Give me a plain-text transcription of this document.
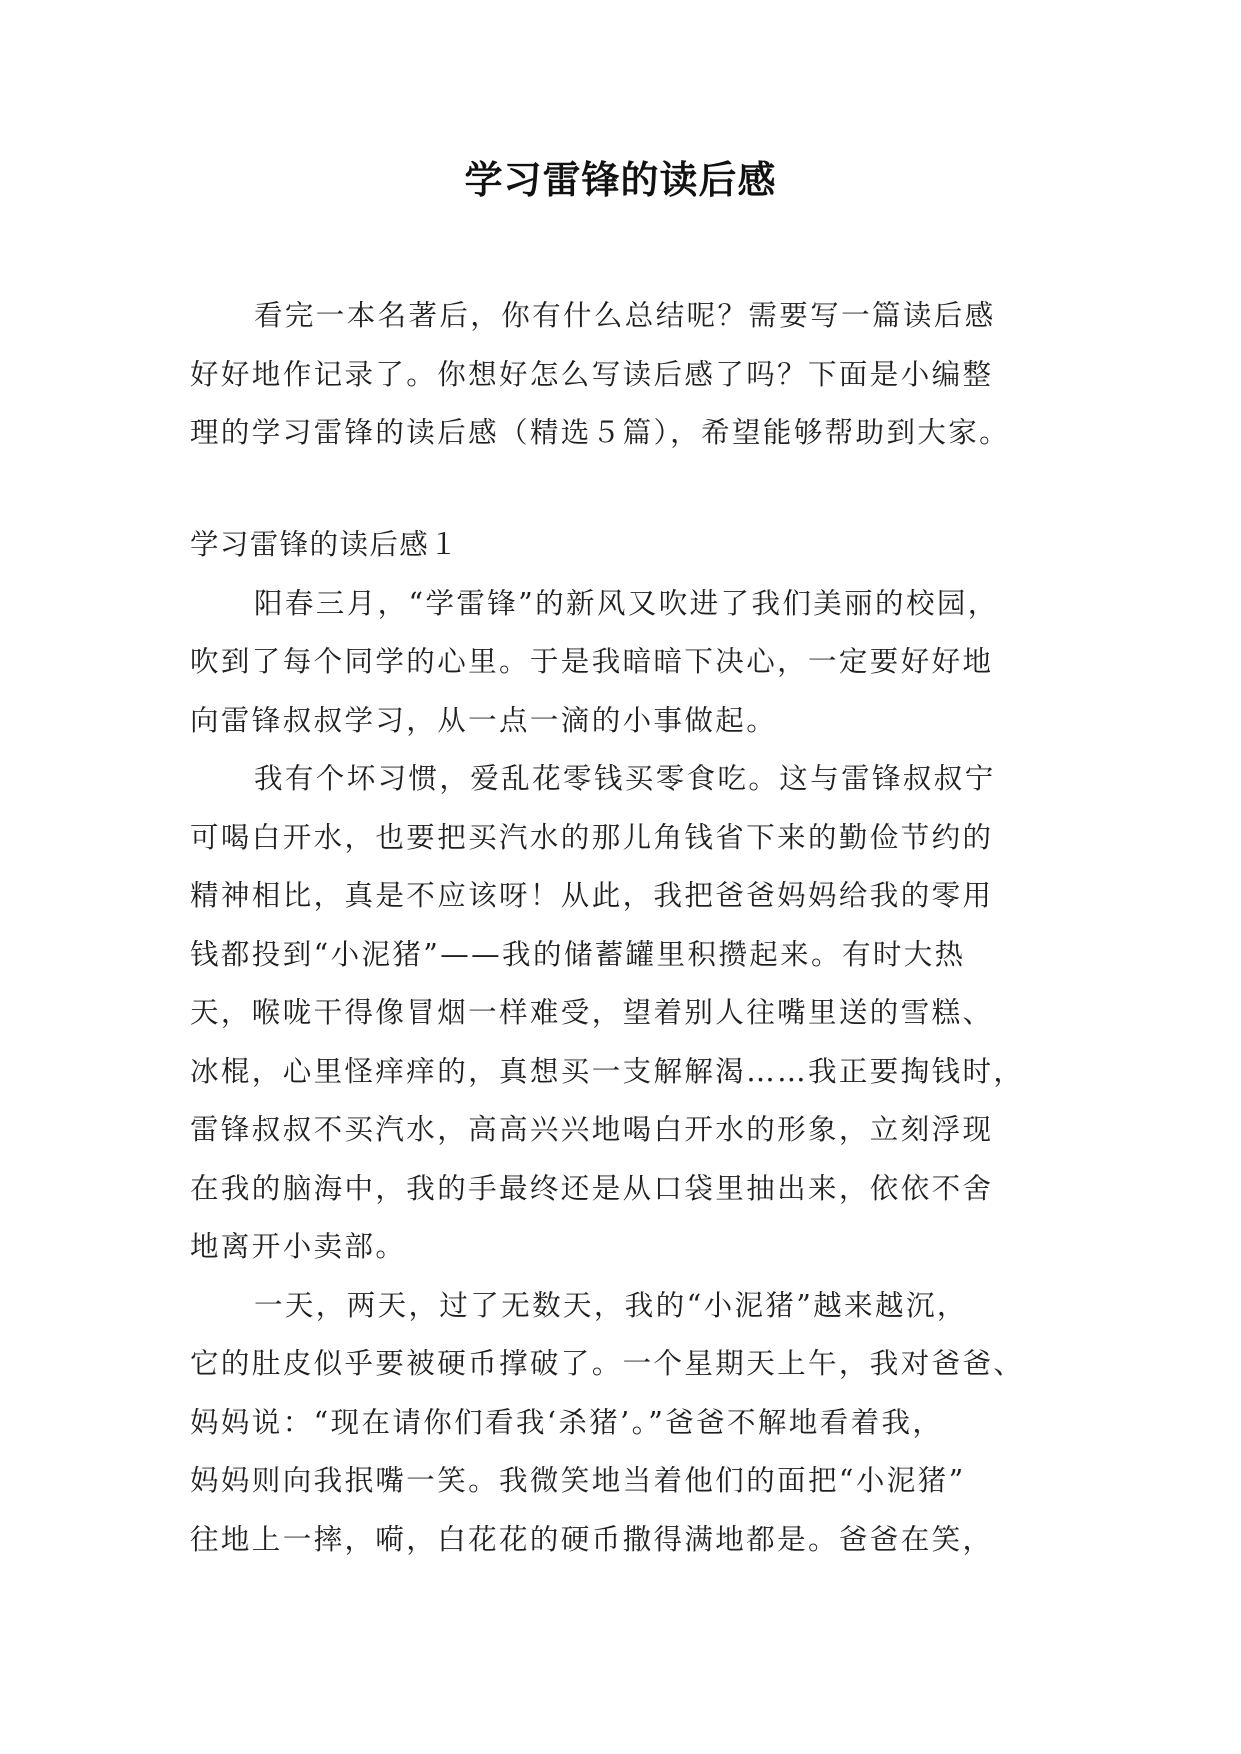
学习雷锋的读后感
看完一本名著后，你有什么总结呢？需要写一篇读后感
好好地作记录了。你想好怎么写读后感了吗？下面是小编整
理的学习雷锋的读后感（精选５篇），希望能够帮助到大家。
学习雷锋的读后感１
阳春三月，“学雷锋”的新风又吹进了我们美丽的校园，
吹到了每个同学的心里。于是我暗暗下决心，一定要好好地
向雷锋叔叔学习，从一点一滴的小事做起。
我有个坏习惯，爱乱花零钱买零食吃。这与雷锋叔叔宁
可喝白开水，也要把买汽水的那儿角钱省下来的勤俭节约的
精神相比，真是不应该呀！从此，我把爸爸妈妈给我的零用
钱都投到“小泥猪”——我的储蓄罐里积攒起来。有时大热
天，喉咙干得像冒烟一样难受，望着别人往嘴里送的雪糕、
冰棍，心里怪痒痒的，真想买一支解解渴……我正要掏钱时，
雷锋叔叔不买汽水，高高兴兴地喝白开水的形象，立刻浮现
在我的脑海中，我的手最终还是从口袋里抽出来，依依不舍
地离开小卖部。
一天，两天，过了无数天，我的“小泥猪”越来越沉，
它的肚皮似乎要被硬币撑破了。一个星期天上午，我对爸爸、
妈妈说：“现在请你们看我‘杀猪’。”爸爸不解地看着我，
妈妈则向我抿嘴一笑。我微笑地当着他们的面把“小泥猪”
往地上一摔，嗬，白花花的硬币撒得满地都是。爸爸在笑，
